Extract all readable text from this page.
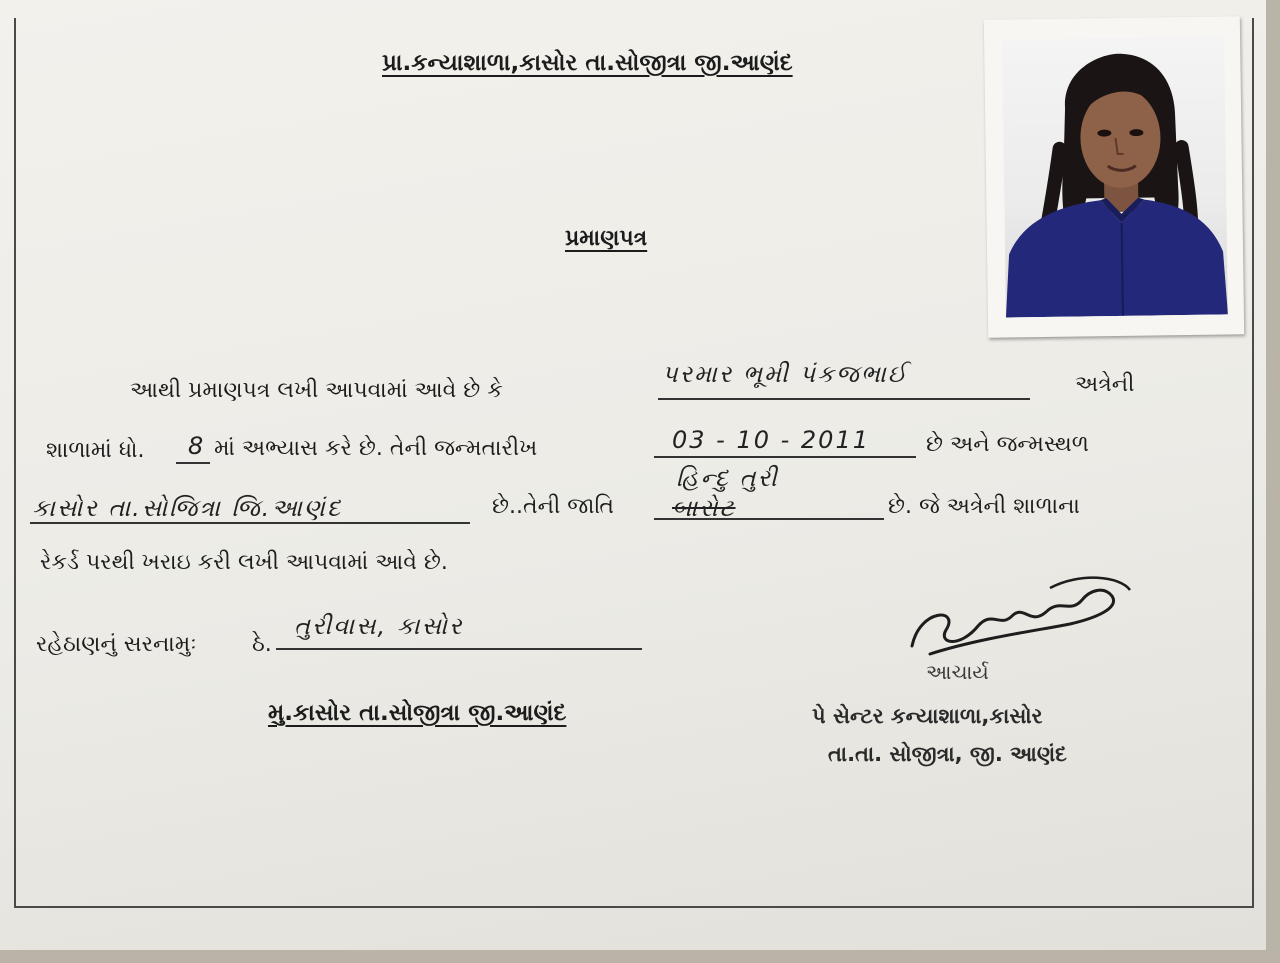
પ્રા.કન્યાશાળા,કાસોર તા.સોજીત્રા જી.આણંદ
પ્રમાણપત્ર
આથી પ્રમાણપત્ર લખી આપવામાં આવે છે કે
પરમાર ભૂમી પંકજભાઈ	અત્રેની
શાળામાં ધો. 8 માં અભ્યાસ કરે છે. તેની જન્મતારીખ	03 - 10 - 2011	છે અને જન્મસ્થળ
કાસોર તા.સોજિત્રા જિ.આણંદ	છે..તેની જાતિ
હિન્દુ તુરી
બારોટ	છે. જે અત્રેની શાળાના
રેકર્ડ પરથી ખરાઇ કરી લખી આપવામાં આવે છે.
રહેઠાણનું સરનામુઃ	ઠે.
તુરીવાસ, કાસોર
મુ.કાસોર તા.સોજીત્રા જી.આણંદ
આચાર્ય
પે સેન્ટર કન્યાશાળા,કાસોર
તા.તા. સોજીત્રા, જી. આણંદ
